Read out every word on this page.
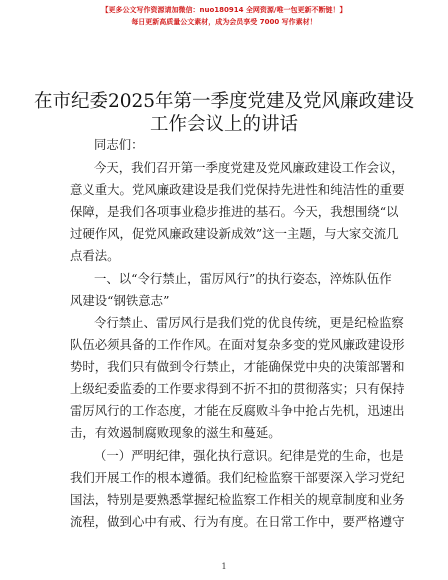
【更多公文写作资源请加微信：nuo180914 全网资源/唯一包更新不断链！】
每日更新高质量公文素材，成为会员享受 7000 写作素材！
在市纪委2025年第一季度党建及党风廉政建设
工作会议上的讲话
同志们：
今天，我们召开第一季度党建及党风廉政建设工作会议，
意义重大。党风廉政建设是我们党保持先进性和纯洁性的重要
保障，是我们各项事业稳步推进的基石。今天，我想围绕“以
过硬作风，促党风廉政建设新成效”这一主题，与大家交流几
点看法。
一、以“令行禁止，雷厉风行”的执行姿态，淬炼队伍作
风建设“钢铁意志”
令行禁止、雷厉风行是我们党的优良传统，更是纪检监察
队伍必须具备的工作作风。在面对复杂多变的党风廉政建设形
势时，我们只有做到令行禁止，才能确保党中央的决策部署和
上级纪委监委的工作要求得到不折不扣的贯彻落实；只有保持
雷厉风行的工作态度，才能在反腐败斗争中抢占先机，迅速出
击，有效遏制腐败现象的滋生和蔓延。
（一）严明纪律，强化执行意识。纪律是党的生命，也是
我们开展工作的根本遵循。我们纪检监察干部要深入学习党纪
国法，特别是要熟悉掌握纪检监察工作相关的规章制度和业务
流程，做到心中有戒、行为有度。在日常工作中，要严格遵守
1
